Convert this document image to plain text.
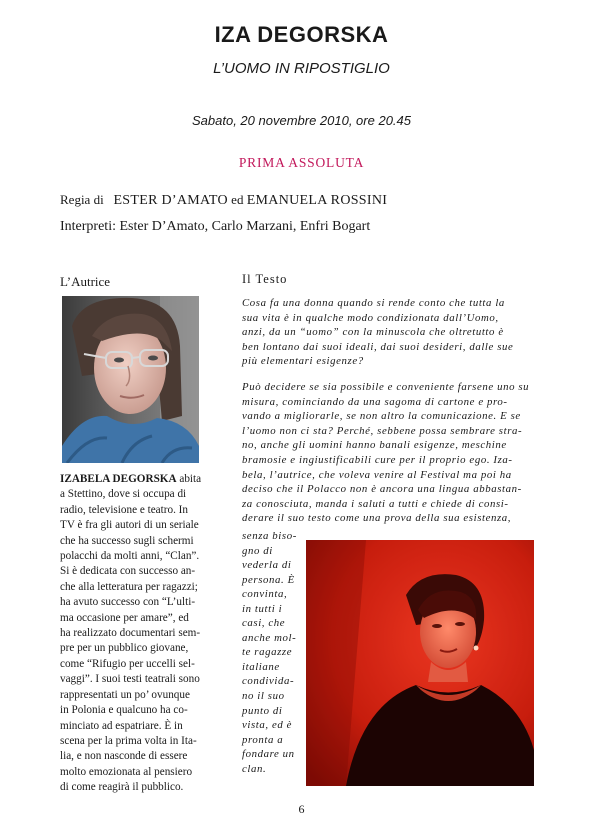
IZA DEGORSKA
L’UOMO IN RIPOSTIGLIO
Sabato, 20 novembre 2010, ore 20.45
PRIMA ASSOLUTA
Regia di ESTER D’AMATO ed EMANUELA ROSSINI
Interpreti: Ester D’Amato, Carlo Marzani, Enfri Bogart
L’Autrice	Il Testo
IZABELA DEGORSKA abita
a Stettino, dove si occupa di
radio, televisione e teatro. In
TV è fra gli autori di un seriale
che ha successo sugli schermi
polacchi da molti anni, “Clan”.
Si è dedicata con successo an-
che alla letteratura per ragazzi;
ha avuto successo con “L’ulti-
ma occasione per amare”, ed
ha realizzato documentari sem-
pre per un pubblico giovane,
come “Rifugio per uccelli sel-
vaggi”. I suoi testi teatrali sono
rappresentati un po’ ovunque
in Polonia e qualcuno ha co-
minciato ad espatriare. È in
scena per la prima volta in Ita-
lia, e non nasconde di essere
molto emozionata al pensiero
di come reagirà il pubblico.
Cosa fa una donna quando si rende conto che tutta la
sua vita è in qualche modo condizionata dall’Uomo,
anzi, da un “uomo” con la minuscola che oltretutto è
ben lontano dai suoi ideali, dai suoi desideri, dalle sue
più elementari esigenze?
Può decidere se sia possibile e conveniente farsene uno su
misura, cominciando da una sagoma di cartone e pro-
vando a migliorarle, se non altro la comunicazione. E se
l’uomo non ci sta? Perché, sebbene possa sembrare stra-
no, anche gli uomini hanno banali esigenze, meschine
bramosie e ingiustificabili cure per il proprio ego. Iza-
bela, l’autrice, che voleva venire al Festival ma poi ha
deciso che il Polacco non è ancora una lingua abbastan-
za conosciuta, manda i saluti a tutti e chiede di consi-
derare il suo testo come una prova della sua esistenza,
senza biso-
gno di
vederla di
persona. È
convinta,
in tutti i
casi, che
anche mol-
te ragazze
italiane
condivida-
no il suo
punto di
vista, ed è
pronta a
fondare un
clan.
6
